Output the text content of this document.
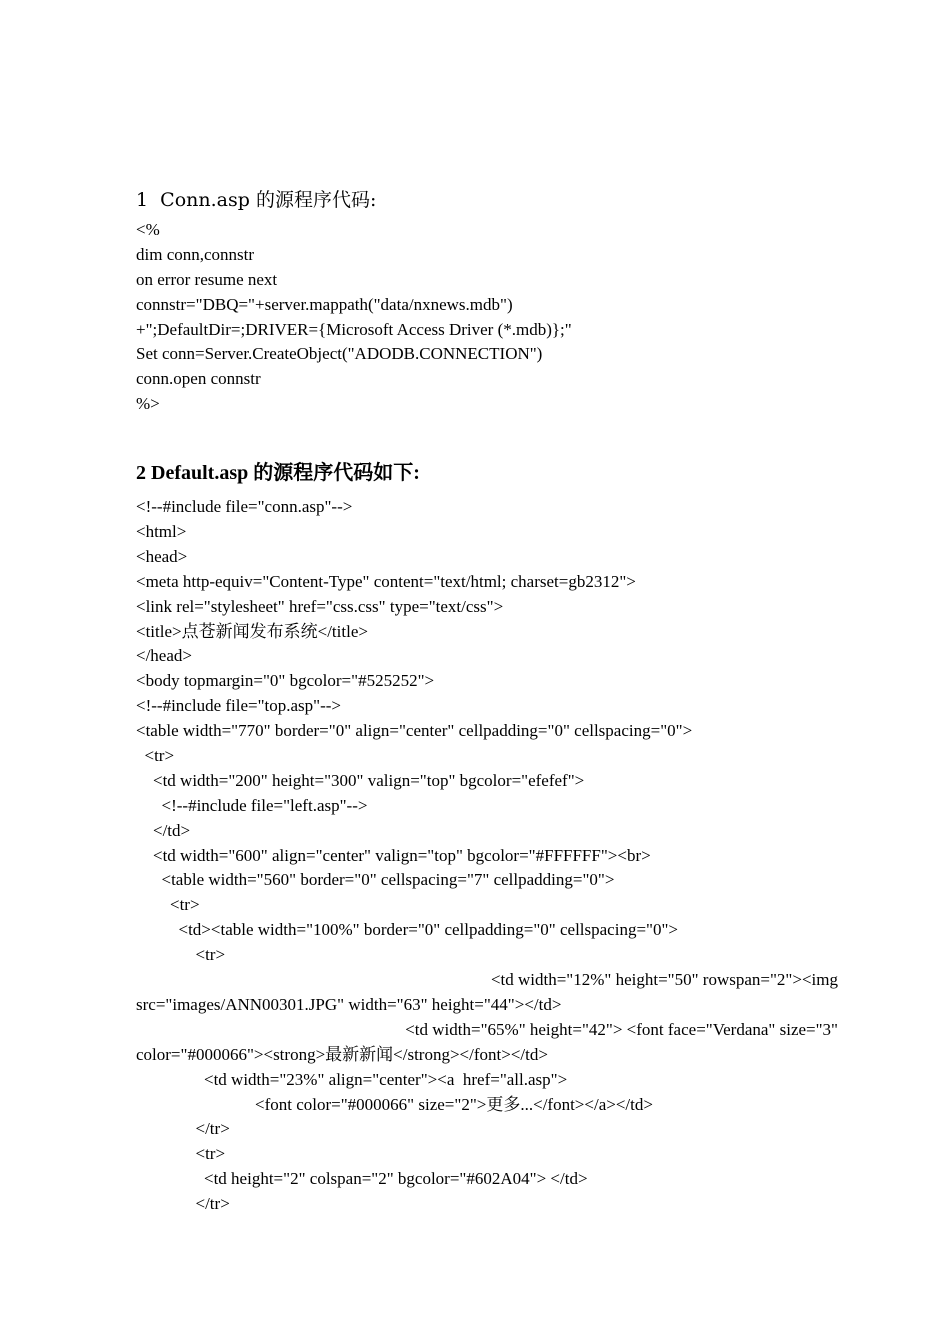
1  Conn.asp 的源程序代码:
<%
dim conn,connstr
on error resume next
connstr="DBQ="+server.mappath("data/nxnews.mdb")
+";DefaultDir=;DRIVER={Microsoft Access Driver (*.mdb)};"
Set conn=Server.CreateObject("ADODB.CONNECTION")
conn.open connstr
%>
2 Default.asp 的源程序代码如下:
<!--#include file="conn.asp"-->
<html>
<head>
<meta http-equiv="Content-Type" content="text/html; charset=gb2312">
<link rel="stylesheet" href="css.css" type="text/css">
<title>点苍新闻发布系统</title>
</head>
<body topmargin="0" bgcolor="#525252">
<!--#include file="top.asp"-->
<table width="770" border="0" align="center" cellpadding="0" cellspacing="0">
<tr>
<td width="200" height="300" valign="top" bgcolor="efefef">
<!--#include file="left.asp"-->
</td>
<td width="600" align="center" valign="top" bgcolor="#FFFFFF"><br>
<table width="560" border="0" cellspacing="7" cellpadding="0">
<tr>
<td><table width="100%" border="0" cellpadding="0" cellspacing="0">
<tr>
<td width="12%" height="50" rowspan="2"><img
src="images/ANN00301.JPG" width="63" height="44"></td>
<td width="65%" height="42"> <font face="Verdana" size="3"
color="#000066"><strong>最新新闻</strong></font></td>
<td width="23%" align="center"><a  href="all.asp">
<font color="#000066" size="2">更多...</font></a></td>
</tr>
<tr>
<td height="2" colspan="2" bgcolor="#602A04"> </td>
</tr>
